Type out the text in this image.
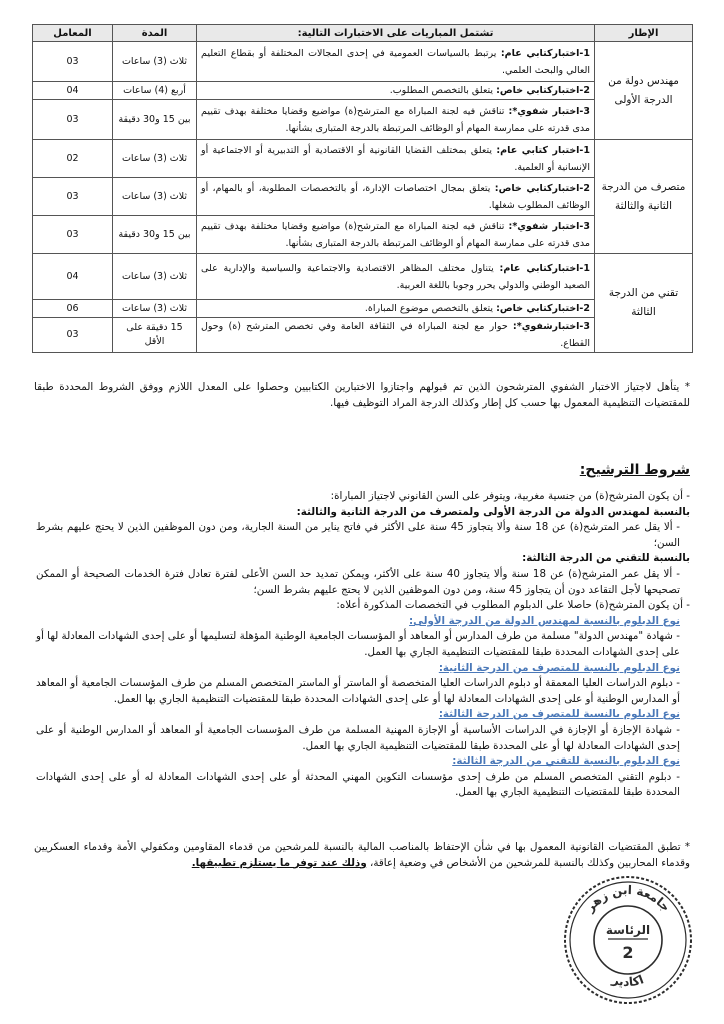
الإطار	تشتمل المباريات على الاختبارات التالية:	المدة	المعامل
مهندس دولة من الدرجة الأولى	1-اختباركتابي عام: يرتبط بالسياسات العمومية في إحدى المجالات المختلفة أو بقطاع التعليم العالي والبحث العلمي.	ثلاث (3) ساعات	03
	2-اختباركتابي خاص: يتعلق بالتخصص المطلوب.	أربع (4) ساعات	04
	3-اختبار شفوي*: تناقش فيه لجنة المباراة مع المترشح(ة) مواضيع وقضايا مختلفة بهدف تقييم مدى قدرته على ممارسة المهام أو الوظائف المرتبطة بالدرجة المتبارى بشأنها.	بين 15 و30 دقيقة	03
متصرف من الدرجة الثانية والثالثة	1-اختبار كتابي عام: يتعلق بمختلف القضايا القانونية أو الاقتصادية أو التدبيرية أو الاجتماعية أو الإنسانية أو العلمية.	ثلاث (3) ساعات	02
	2-اختباركتابي خاص: يتعلق بمجال اختصاصات الإدارة، أو بالتخصصات المطلوبة، أو بالمهام، أو الوظائف المطلوب شغلها.	ثلاث (3) ساعات	03
	3-اختبار شفوي*: تناقش فيه لجنة المباراة مع المترشح(ة) مواضيع وقضايا مختلفة بهدف تقييم مدى قدرته على ممارسة المهام أو الوظائف المرتبطة بالدرجة المتبارى بشأنها.	بين 15 و30 دقيقة	03
تقني من الدرجة الثالثة	1-اختباركتابي عام: يتناول مختلف المظاهر الاقتصادية والاجتماعية والسياسية والإدارية على الصعيد الوطني والدولي يحرر وجوبا باللغة العربية.	ثلاث (3) ساعات	04
	2-اختباركتابي خاص: يتعلق بالتخصص موضوع المباراة.	ثلاث (3) ساعات	06
	3-اختبارشفوي*: حوار مع لجنة المباراة في الثقافة العامة وفي تخصص المترشح (ة) وحول القطاع.	15 دقيقة على الأقل	03
* يتأهل لاجتياز الاختبار الشفوي المترشحون الذين تم قبولهم واجتازوا الاختبارين الكتابيين وحصلوا على المعدل اللازم ووفق الشروط المحددة طبقا للمقتضيات التنظيمية المعمول بها حسب كل إطار وكذلك الدرجة المراد التوظيف فيها.
شروط الترشيح:

- أن يكون المترشح(ة) من جنسية مغربية، ويتوفر على السن القانوني لاجتياز المباراة:

بالنسبة لمهندس الدولة من الدرجة الأولى ولمتصرف من الدرجة الثانية والثالثة:

- ألا يقل عمر المترشح(ة) عن 18 سنة وألا يتجاوز 45 سنة على الأكثر في فاتح يناير من السنة الجارية، ومن دون الموظفين الذين لا يحتج عليهم بشرط السن؛

بالنسبة للتقني من الدرجة الثالثة:

- ألا يقل عمر المترشح(ة) عن 18 سنة وألا يتجاوز 40 سنة على الأكثر، ويمكن تمديد حد السن الأعلى لفترة تعادل فترة الخدمات الصحيحة أو الممكن تصحيحها لأجل التقاعد دون أن يتجاوز 45 سنة، ومن دون الموظفين الذين لا يحتج عليهم بشرط السن؛

- أن يكون المترشح(ة) حاصلا على الدبلوم المطلوب في التخصصات المذكورة أعلاه:

نوع الدبلوم بالنسبة لمهندس الدولة من الدرجة الأولى:

- شهادة "مهندس الدولة" مسلمة من طرف المدارس أو المعاهد أو المؤسسات الجامعية الوطنية المؤهلة لتسليمها أو على إحدى الشهادات المعادلة لها أو على إحدى الشهادات المحددة طبقا للمقتضيات التنظيمية الجاري بها العمل.

نوع الدبلوم بالنسبة للمتصرف من الدرجة الثانية:

- دبلوم الدراسات العليا المعمقة أو دبلوم الدراسات العليا المتخصصة أو الماستر أو الماستر المتخصص المسلم من طرف المؤسسات الجامعية أو المعاهد أو المدارس الوطنية أو على إحدى الشهادات المعادلة لها أو على إحدى الشهادات المحددة طبقا للمقتضيات التنظيمية الجاري بها العمل.

نوع الدبلوم بالنسبة للمتصرف من الدرجة الثالثة:

- شهادة الإجازة أو الإجازة في الدراسات الأساسية أو الإجازة المهنية المسلمة من طرف المؤسسات الجامعية أو المعاهد أو المدارس الوطنية أو على إحدى الشهادات المعادلة لها أو على المحددة طبقا للمقتضيات التنظيمية الجاري بها العمل.

نوع الدبلوم بالنسبة للتقني من الدرجة الثالثة:

- دبلوم التقني المتخصص المسلم من طرف إحدى مؤسسات التكوين المهني المحدثة أو على إحدى الشهادات المعادلة له أو على إحدى الشهادات المحددة طبقا للمقتضيات التنظيمية الجاري بها العمل.

* تطبق المقتضيات القانونية المعمول بها في شأن الإحتفاظ بالمناصب المالية بالنسبة للمرشحين من قدماء المقاومين ومكفولي الأمة وقدماء العسكريين وقدماء المحاربين وكذلك بالنسبة للمرشحين من الأشخاص في وضعية إعاقة، وذلك عند توفر ما يستلزم تطبيقها.
جامعة ابن زهر
اكادير
الرئاسة
2
